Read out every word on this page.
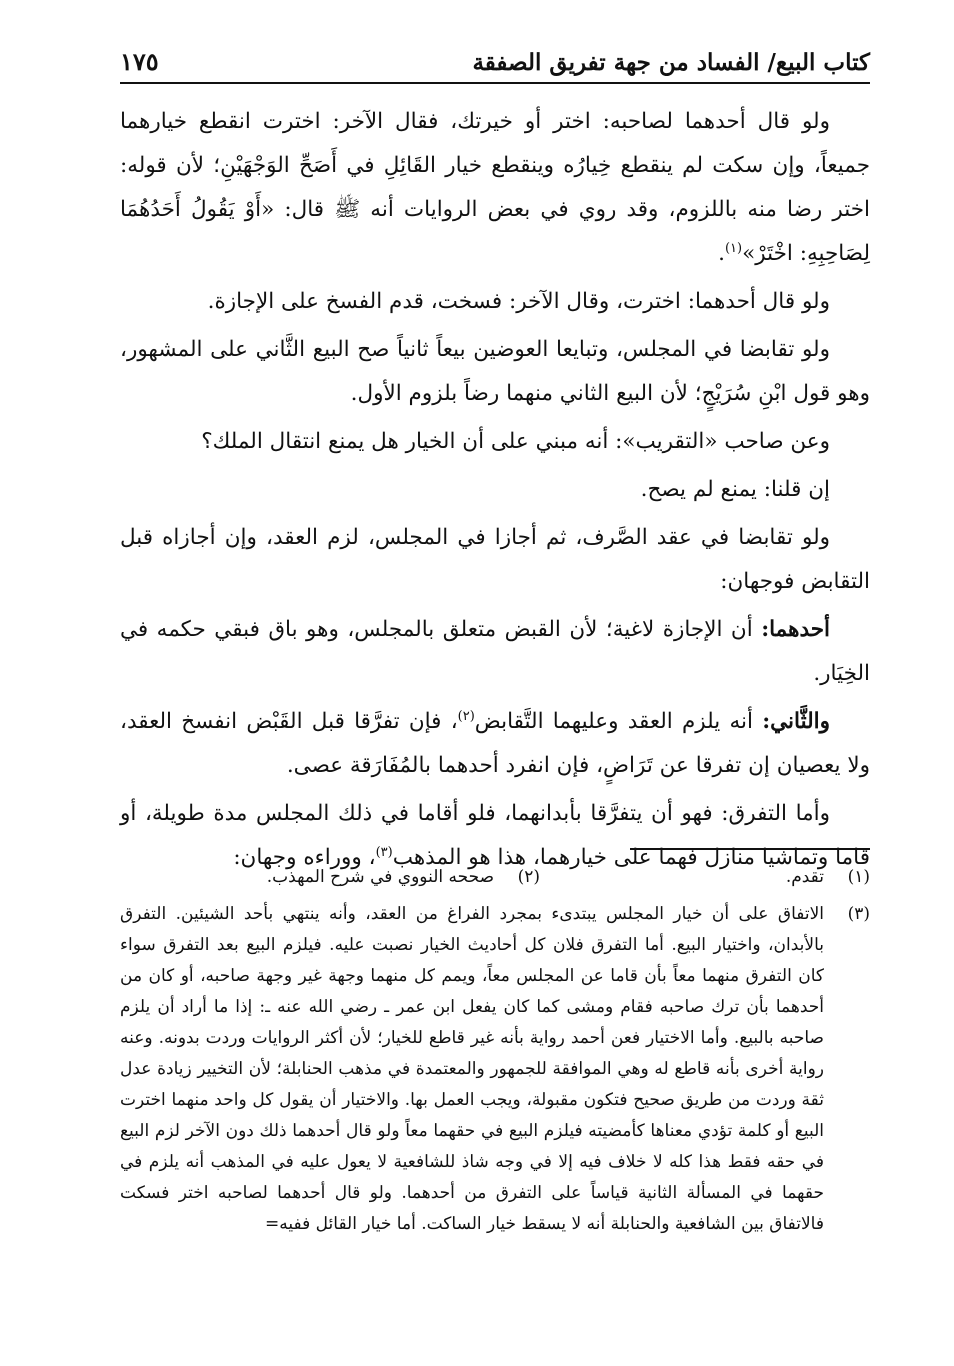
كتاب البيع/ الفساد من جهة تفريق الصفقة
١٧٥

ولو قال أحدهما لصاحبه: اختر أو خيرتك، فقال الآخر: اخترت انقطع خيارهما جميعاً، وإن سكت لم ينقطع خِيارُه وينقطع خيار القَائِلِ في أَصَحِّ الوَجْهَيْنِ؛ لأن قوله: اختر رضا منه باللزوم، وقد روي في بعض الروايات أنه ﷺ قال: «أَوْ يَقُولُ أَحَدُهُمَا لِصَاحِبِهِ: اخْتَرْ»$^{(١)}$.

ولو قال أحدهما: اخترت، وقال الآخر: فسخت، قدم الفسخ على الإجازة.

ولو تقابضا في المجلس، وتبايعا العوضين بيعاً ثانياً صح البيع الثَّاني على المشهور، وهو قول ابْنِ سُرَيْجٍ؛ لأن البيع الثاني منهما رضاً بلزوم الأول.

وعن صاحب «التقريب»: أنه مبني على أن الخيار هل يمنع انتقال الملك؟

إن قلنا: يمنع لم يصح.

ولو تقابضا في عقد الصَّرف، ثم أجازا في المجلس، لزم العقد، وإن أجازاه قبل التقابض فوجهان:

أحدهما: أن الإجازة لاغية؛ لأن القبض متعلق بالمجلس، وهو باق فبقي حكمه في الخِيَار.

والثَّاني: أنه يلزم العقد وعليهما التَّقابض$^{(٢)}$، فإن تفرَّقا قبل القَبْض انفسخ العقد، ولا يعصيان إن تفرقا عن تَرَاضٍ، فإن انفرد أحدهما بالمُفَارَقة عصى.

وأما التفرق: فهو أن يتفرَّقا بأبدانهما، فلو أقاما في ذلك المجلس مدة طويلة، أو قاما وتماشيا منازل فهما على خيارهما، هذا هو المذهب$^{(٣)}$، ووراءه وجهان:

(١)
تقدم.
(٢)
صححه النووي في شرح المهذب.
(٣)
الاتفاق على أن خيار المجلس يبتدىء بمجرد الفراغ من العقد، وأنه ينتهي بأحد الشيئين. التفرق بالأبدان، واختيار البيع. أما التفرق فلان كل أحاديث الخيار نصبت عليه. فيلزم البيع بعد التفرق سواء كان التفرق منهما معاً بأن قاما عن المجلس معاً، ويمم كل منهما وجهة غير وجهة صاحبه، أو كان من أحدهما بأن ترك صاحبه فقام ومشى كما كان يفعل ابن عمر ـ رضي الله عنه ـ: إذا ما أراد أن يلزم صاحبه بالبيع. وأما الاختيار فعن أحمد رواية بأنه غير قاطع للخيار؛ لأن أكثر الروايات وردت بدونه. وعنه رواية أخرى بأنه قاطع له وهي الموافقة للجمهور والمعتمدة في مذهب الحنابلة؛ لأن التخيير زيادة عدل ثقة وردت من طريق صحيح فتكون مقبولة، ويجب العمل بها. والاختيار أن يقول كل واحد منهما اخترت البيع أو كلمة تؤدي معناها كأمضيته فيلزم البيع في حقهما معاً ولو قال أحدهما ذلك دون الآخر لزم البيع في حقه فقط هذا كله لا خلاف فيه إلا في وجه شاذ للشافعية لا يعول عليه في المذهب أنه يلزم في حقهما في المسألة الثانية قياساً على التفرق من أحدهما. ولو قال أحدهما لصاحبه اختر فسكت فالاتفاق بين الشافعية والحنابلة أنه لا يسقط خيار الساكت. أما خيار القائل ففيه=
